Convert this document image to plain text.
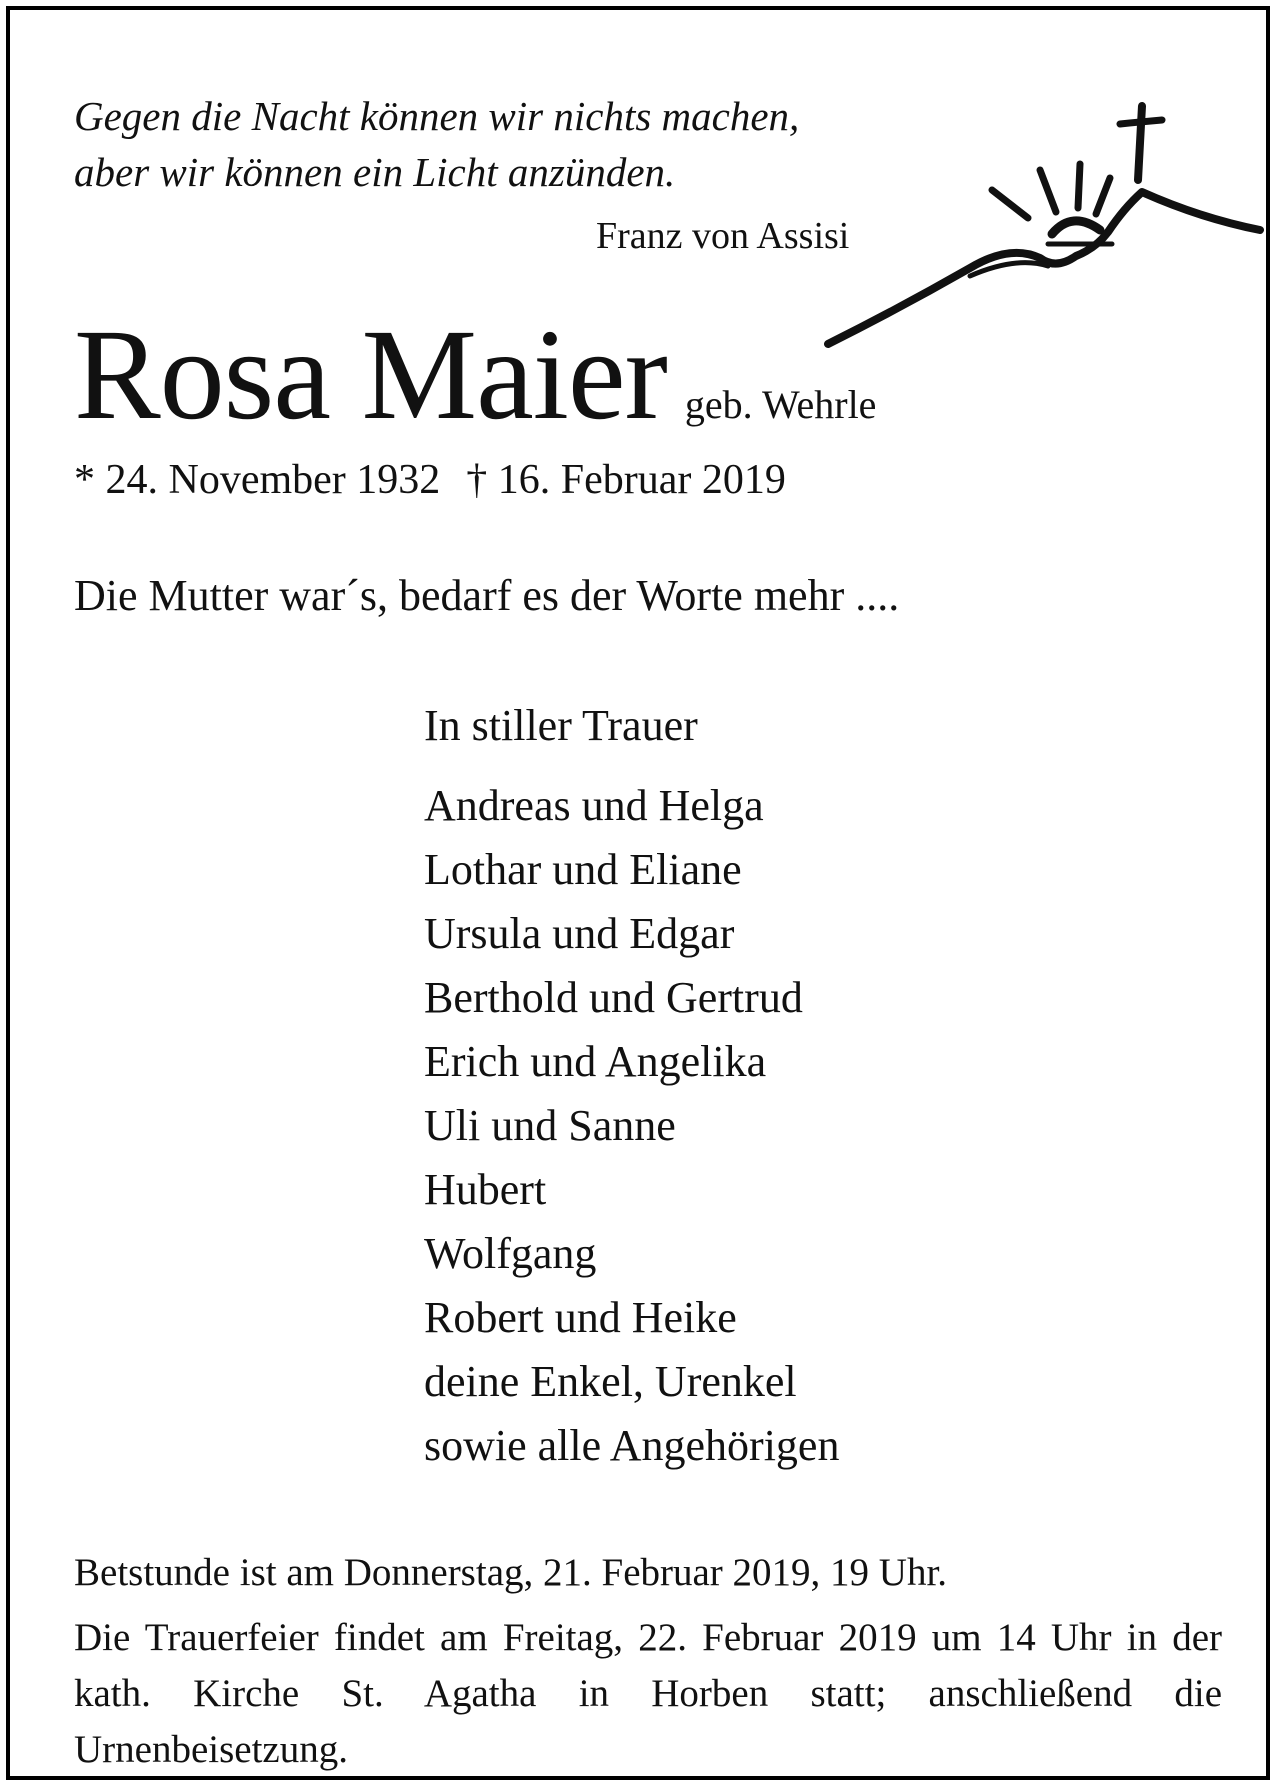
Gegen die Nacht können wir nichts machen,
aber wir können ein Licht anzünden.
Franz von Assisi
Rosa Maier geb. Wehrle
* 24. November 1932 † 16. Februar 2019
Die Mutter war´s, bedarf es der Worte mehr ....
In stiller Trauer
Andreas und Helga
Lothar und Eliane
Ursula und Edgar
Berthold und Gertrud
Erich und Angelika
Uli und Sanne
Hubert
Wolfgang
Robert und Heike
deine Enkel, Urenkel
sowie alle Angehörigen
Betstunde ist am Donnerstag, 21. Februar 2019, 19 Uhr.
Die Trauerfeier findet am Freitag, 22. Februar 2019 um 14 Uhr in der kath. Kirche St. Agatha in Horben statt; anschließend die Urnenbeisetzung.
